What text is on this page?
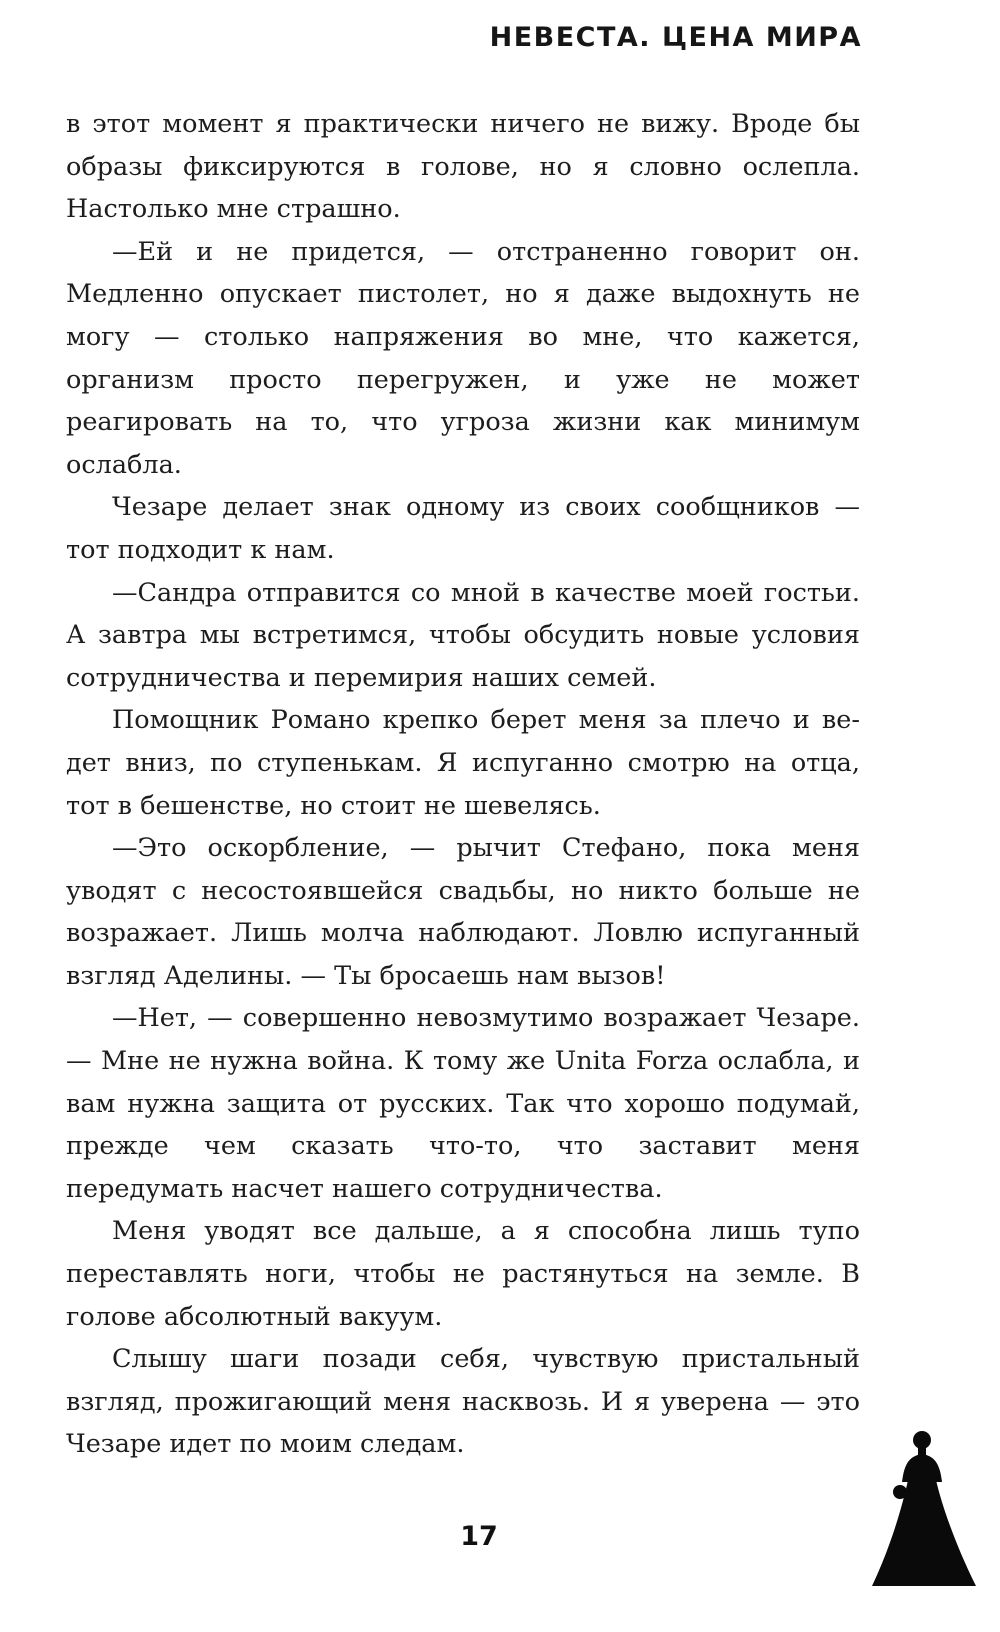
НЕВЕСТА. ЦЕНА МИРА

в этот момент я практически ничего не вижу. Вроде бы образы фиксируются в голове, но я словно ослепла. Настолько мне страшно.

—Ей и не придется, — отстраненно говорит он. Медленно опускает пистолет, но я даже выдохнуть не могу — столько напряжения во мне, что кажется, организм просто перегружен, и уже не может реагировать на то, что угроза жизни как минимум ослабла.

Чезаре делает знак одному из своих сообщников — тот подходит к нам.

—Сандра отправится со мной в качестве моей гостьи. А завтра мы встретимся, чтобы обсудить новые условия сотрудничества и перемирия наших семей.

Помощник Романо крепко берет меня за плечо и ведет вниз, по ступенькам. Я испуганно смотрю на отца, тот в бешенстве, но стоит не шевелясь.

—Это оскорбление, — рычит Стефано, пока меня уводят с несостоявшейся свадьбы, но никто больше не возражает. Лишь молча наблюдают. Ловлю испуганный взгляд Аделины. — Ты бросаешь нам вызов!

—Нет, — совершенно невозмутимо возражает Чезаре. — Мне не нужна война. К тому же Unita Forza ослабла, и вам нужна защита от русских. Так что хорошо подумай, прежде чем сказать что-то, что заставит меня передумать насчет нашего сотрудничества.

Меня уводят все дальше, а я способна лишь тупо переставлять ноги, чтобы не растянуться на земле. В голове абсолютный вакуум.

Слышу шаги позади себя, чувствую пристальный взгляд, прожигающий меня насквозь. И я уверена — это Чезаре идет по моим следам.

17
